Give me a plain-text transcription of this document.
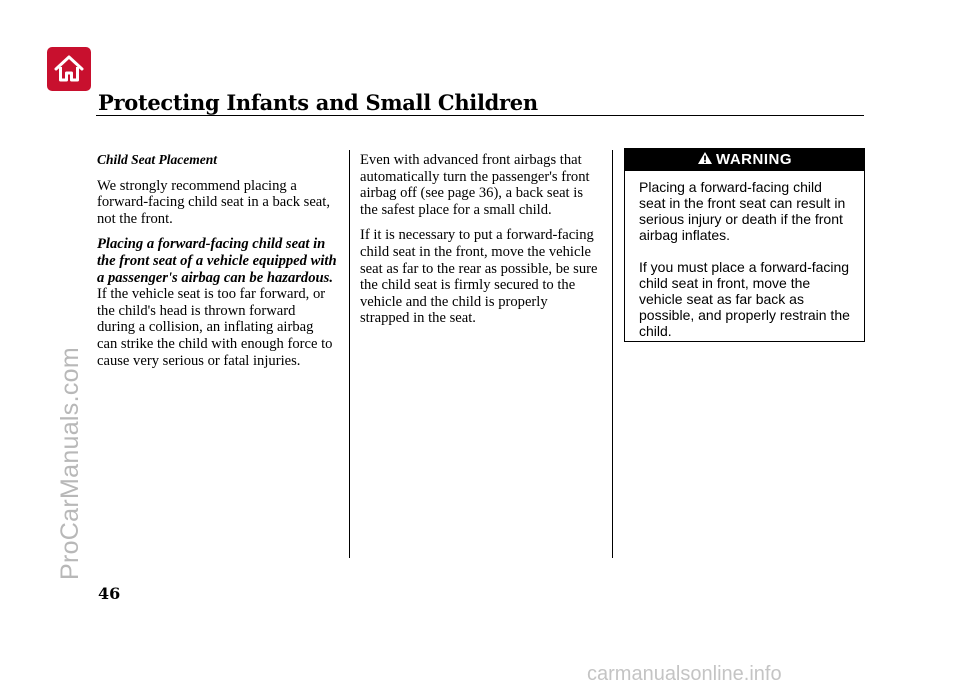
Protecting Infants and Small Children

Child Seat Placement

We strongly recommend placing a forward-facing child seat in a back seat, not the front.

Placing a forward-facing child seat in the front seat of a vehicle equipped with a passenger's airbag can be hazardous. If the vehicle seat is too far forward, or the child's head is thrown forward during a collision, an inflating airbag can strike the child with enough force to cause very serious or fatal injuries.

Even with advanced front airbags that automatically turn the passenger's front airbag off (see page 36), a back seat is the safest place for a small child.

If it is necessary to put a forward-facing child seat in the front, move the vehicle seat as far to the rear as possible, be sure the child seat is firmly secured to the vehicle and the child is properly strapped in the seat.

WARNING

Placing a forward-facing child seat in the front seat can result in serious injury or death if the front airbag inflates.

If you must place a forward-facing child seat in front, move the vehicle seat as far back as possible, and properly restrain the child.

ProCarManuals.com
46
carmanualsonline.info
